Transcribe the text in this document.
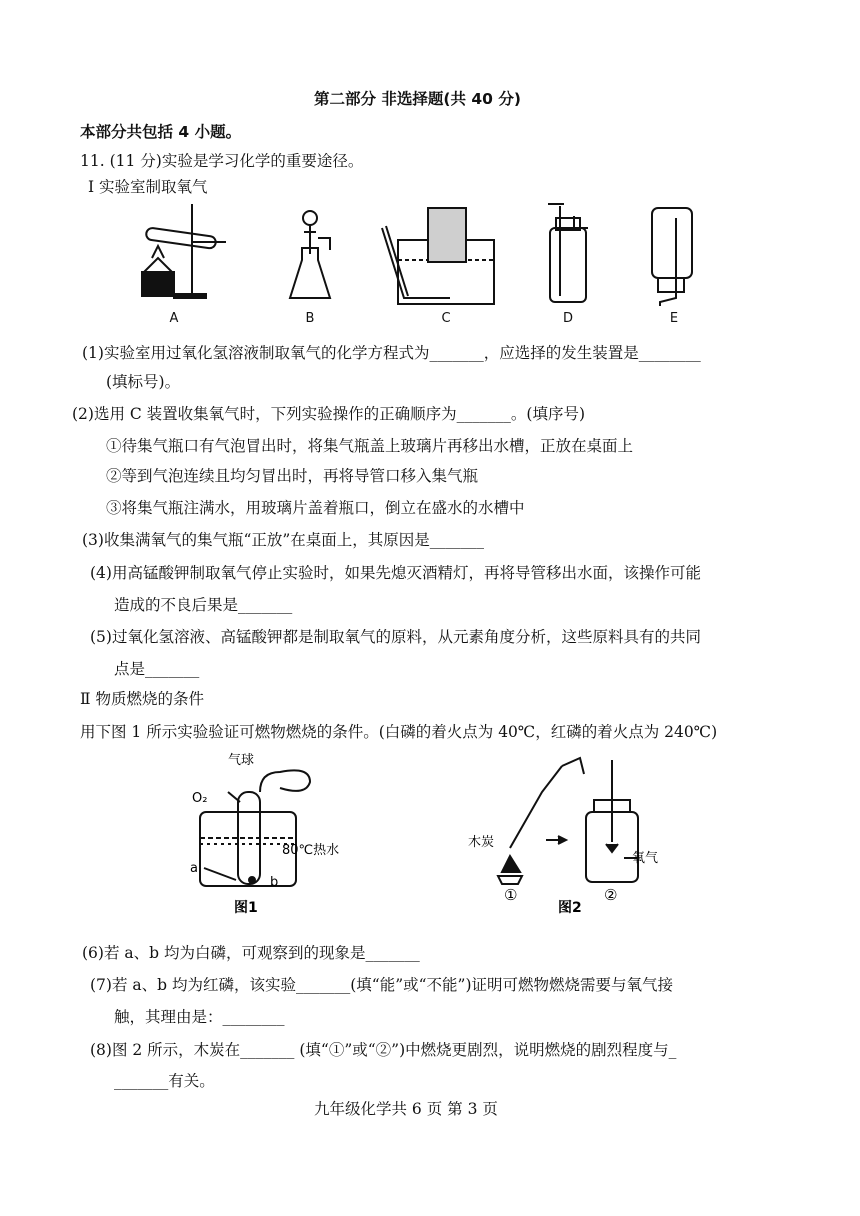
第二部分 非选择题(共 40 分)
本部分共包括 4 小题。
11. (11 分)实验是学习化学的重要途径。
Ⅰ 实验室制取氧气
A	B	C	D	E
(1)实验室用过氧化氢溶液制取氧气的化学方程式为_______，应选择的发生装置是________
(填标号)。
(2)选用 C 装置收集氧气时，下列实验操作的正确顺序为_______。(填序号)
①待集气瓶口有气泡冒出时，将集气瓶盖上玻璃片再移出水槽，正放在桌面上
②等到气泡连续且均匀冒出时，再将导管口移入集气瓶
③将集气瓶注满水，用玻璃片盖着瓶口，倒立在盛水的水槽中
(3)收集满氧气的集气瓶“正放”在桌面上，其原因是_______
(4)用高锰酸钾制取氧气停止实验时，如果先熄灭酒精灯，再将导管移出水面，该操作可能
造成的不良后果是_______
(5)过氧化氢溶液、高锰酸钾都是制取氧气的原料，从元素角度分析，这些原料具有的共同
点是_______
Ⅱ 物质燃烧的条件
用下图 1 所示实验验证可燃物燃烧的条件。(白磷的着火点为 40℃，红磷的着火点为 240℃)
气球
O₂
80℃热水
a
b
图1
木炭
氧气
①	②
图2
(6)若 a、b 均为白磷，可观察到的现象是_______
(7)若 a、b 均为红磷，该实验_______(填“能”或“不能”)证明可燃物燃烧需要与氧气接
触，其理由是：________
(8)图 2 所示，木炭在_______ (填“①”或“②”)中燃烧更剧烈，说明燃烧的剧烈程度与_
_______有关。
九年级化学共 6 页 第 3 页
